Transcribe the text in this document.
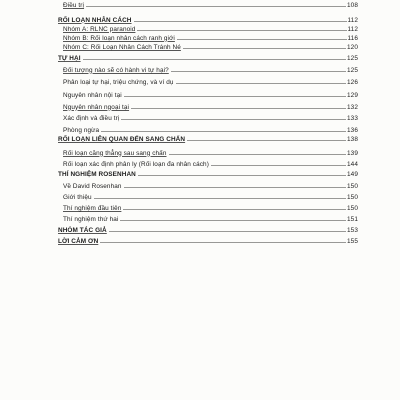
Điều trị	108
RỐI LOẠN NHÂN CÁCH	112
Nhóm A: RLNC paranoid	112
Nhóm B: Rối loạn nhân cách ranh giới	116
Nhóm C: Rối Loạn Nhân Cách Tránh Né	120
TỰ HẠI	125
Đối tượng nào sẽ có hành vi tự hại?	125
Phân loại tự hại, triệu chứng, và ví dụ	126
Nguyên nhân nội tại	129
Nguyên nhân ngoại tại	132
Xác định và điều trị	133
Phòng ngừa	136
RỐI LOẠN LIÊN QUAN ĐẾN SANG CHẤN	138
Rối loạn căng thẳng sau sang chấn	139
Rối loạn xác định phân ly (Rối loạn đa nhân cách)	144
THÍ NGHIỆM ROSENHAN	149
Về David Rosenhan	150
Giới thiệu	150
Thí nghiệm đầu tiên	150
Thí nghiệm thứ hai	151
NHÓM TÁC GIẢ	153
LỜI CẢM ƠN	155
